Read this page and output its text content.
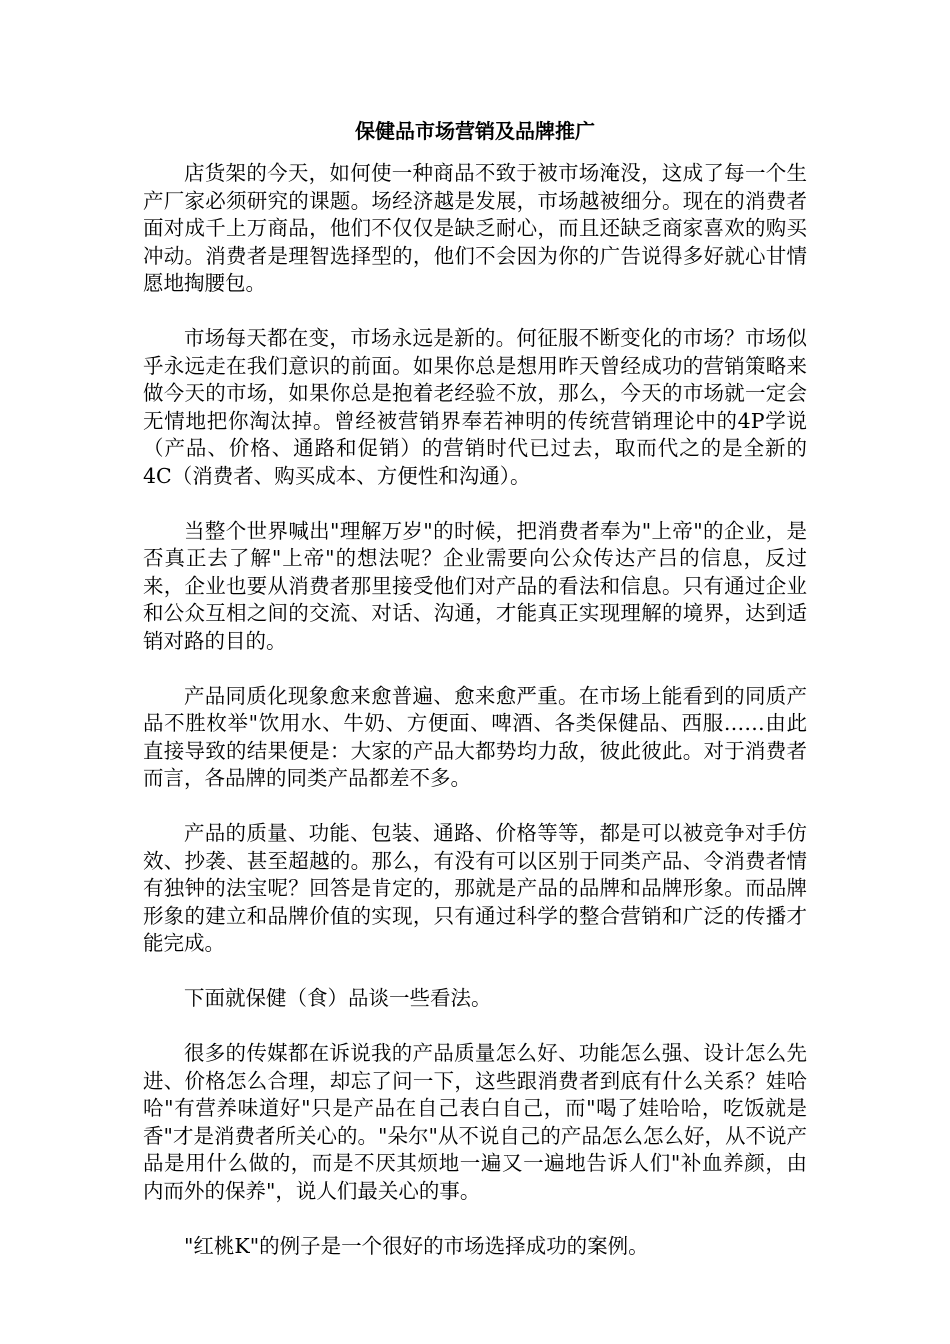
保健品市场营销及品牌推广

店货架的今天，如何使一种商品不致于被市场淹没，这成了每一个生产厂家必须研究的课题。场经济越是发展，市场越被细分。现在的消费者面对成千上万商品，他们不仅仅是缺乏耐心，而且还缺乏商家喜欢的购买冲动。消费者是理智选择型的，他们不会因为你的广告说得多好就心甘情愿地掏腰包。

市场每天都在变，市场永远是新的。何征服不断变化的市场？市场似乎永远走在我们意识的前面。如果你总是想用昨天曾经成功的营销策略来做今天的市场，如果你总是抱着老经验不放，那么，今天的市场就一定会无情地把你淘汰掉。曾经被营销界奉若神明的传统营销理论中的4P学说（产品、价格、通路和促销）的营销时代已过去，取而代之的是全新的4C（消费者、购买成本、方便性和沟通）。

当整个世界喊出"理解万岁"的时候，把消费者奉为"上帝"的企业，是否真正去了解"上帝"的想法呢？企业需要向公众传达产吕的信息，反过来，企业也要从消费者那里接受他们对产品的看法和信息。只有通过企业和公众互相之间的交流、对话、沟通，才能真正实现理解的境界，达到适销对路的目的。

产品同质化现象愈来愈普遍、愈来愈严重。在市场上能看到的同质产品不胜枚举"饮用水、牛奶、方便面、啤酒、各类保健品、西服……由此直接导致的结果便是：大家的产品大都势均力敌，彼此彼此。对于消费者而言，各品牌的同类产品都差不多。

产品的质量、功能、包装、通路、价格等等，都是可以被竞争对手仿效、抄袭、甚至超越的。那么，有没有可以区别于同类产品、令消费者情有独钟的法宝呢？回答是肯定的，那就是产品的品牌和品牌形象。而品牌形象的建立和品牌价值的实现，只有通过科学的整合营销和广泛的传播才能完成。

下面就保健（食）品谈一些看法。

很多的传媒都在诉说我的产品质量怎么好、功能怎么强、设计怎么先进、价格怎么合理，却忘了问一下，这些跟消费者到底有什么关系？娃哈哈"有营养味道好"只是产品在自己表白自己，而"喝了娃哈哈，吃饭就是香"才是消费者所关心的。"朵尔"从不说自己的产品怎么怎么好，从不说产品是用什么做的，而是不厌其烦地一遍又一遍地告诉人们"补血养颜，由内而外的保养"，说人们最关心的事。

"红桃K"的例子是一个很好的市场选择成功的案例。
